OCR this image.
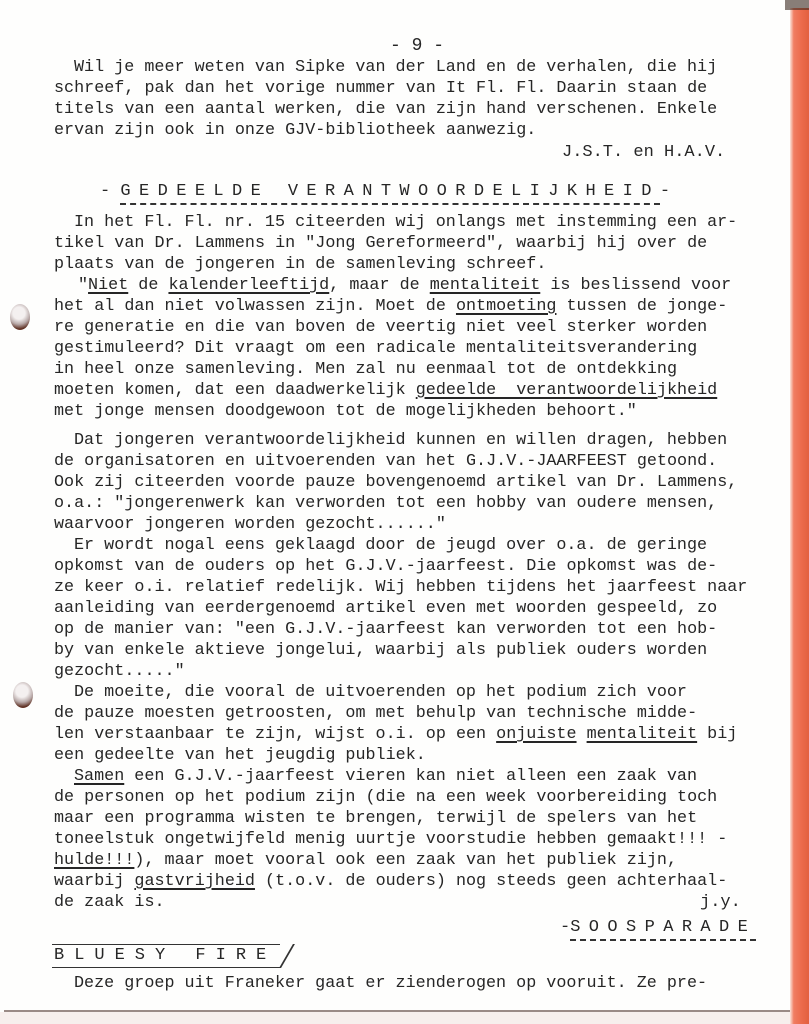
- 9 -
Wil je meer weten van Sipke van der Land en de verhalen, die hij
schreef, pak dan het vorige nummer van It Fl. Fl. Daarin staan de
titels van een aantal werken, die van zijn hand verschenen. Enkele
ervan zijn ook in onze GJV-bibliotheek aanwezig.
J.S.T. en H.A.V.
- GEDEELDE VERANTWOORDELIJKHEID-
In het Fl. Fl. nr. 15 citeerden wij onlangs met instemming een ar-
tikel van Dr. Lammens in "Jong Gereformeerd", waarbij hij over de
plaats van de jongeren in de samenleving schreef.
"Niet de kalenderleeftijd, maar de mentaliteit is beslissend voor
het al dan niet volwassen zijn. Moet de ontmoeting tussen de jonge-
re generatie en die van boven de veertig niet veel sterker worden
gestimuleerd? Dit vraagt om een radicale mentaliteitsverandering
in heel onze samenleving. Men zal nu eenmaal tot de ontdekking
moeten komen, dat een daadwerkelijk gedeelde  verantwoordelijkheid
met jonge mensen doodgewoon tot de mogelijkheden behoort."
Dat jongeren verantwoordelijkheid kunnen en willen dragen, hebben
de organisatoren en uitvoerenden van het G.J.V.-JAARFEEST getoond.
Ook zij citeerden voorde pauze bovengenoemd artikel van Dr. Lammens,
o.a.: "jongerenwerk kan verworden tot een hobby van oudere mensen,
waarvoor jongeren worden gezocht......"
Er wordt nogal eens geklaagd door de jeugd over o.a. de geringe
opkomst van de ouders op het G.J.V.-jaarfeest. Die opkomst was de-
ze keer o.i. relatief redelijk. Wij hebben tijdens het jaarfeest naar
aanleiding van eerdergenoemd artikel even met woorden gespeeld, zo
op de manier van: "een G.J.V.-jaarfeest kan verworden tot een hob-
by van enkele aktieve jongelui, waarbij als publiek ouders worden
gezocht....."
De moeite, die vooral de uitvoerenden op het podium zich voor
de pauze moesten getroosten, om met behulp van technische midde-
len verstaanbaar te zijn, wijst o.i. op een onjuiste mentaliteit bij
een gedeelte van het jeugdig publiek.
Samen een G.J.V.-jaarfeest vieren kan niet alleen een zaak van
de personen op het podium zijn (die na een week voorbereiding toch
maar een programma wisten te brengen, terwijl de spelers van het
toneelstuk ongetwijfeld menig uurtje voorstudie hebben gemaakt!!! -
hulde!!!), maar moet vooral ook een zaak van het publiek zijn,
waarbij gastvrijheid (t.o.v. de ouders) nog steeds geen achterhaal-
de zaak is.	j.y.
-SOOSPARADE
BLUESY FIRE
Deze groep uit Franeker gaat er zienderogen op vooruit. Ze pre-
